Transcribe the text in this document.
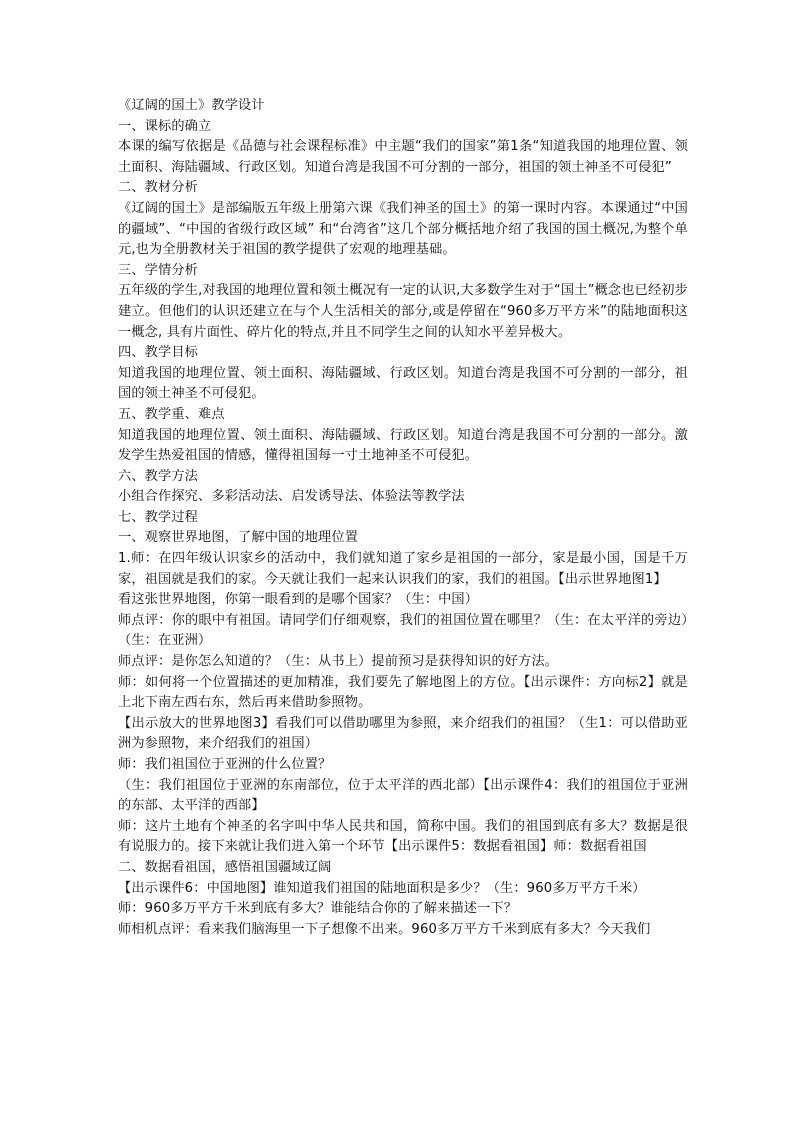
《辽阔的国土》教学设计

一、课标的确立

本课的编写依据是《品德与社会课程标准》中主题“我们的国家”第1条“知道我国的地理位置、领土面积、海陆疆域、行政区划。知道台湾是我国不可分割的一部分，祖国的领土神圣不可侵犯”

二、教材分析

《辽阔的国土》是部编版五年级上册第六课《我们神圣的国土》的第一课时内容。本课通过“中国的疆域”、“中国的省级行政区域” 和“台湾省”这几个部分概括地介绍了我国的国土概况,为整个单元,也为全册教材关于祖国的教学提供了宏观的地理基础。

三、学情分析

五年级的学生,对我国的地理位置和领土概况有一定的认识,大多数学生对于“国土”概念也已经初步建立。但他们的认识还建立在与个人生活相关的部分,或是停留在“960多万平方米”的陆地面积这一概念, 具有片面性、碎片化的特点,并且不同学生之间的认知水平差异极大。

四、教学目标

知道我国的地理位置、领土面积、海陆疆域、行政区划。知道台湾是我国不可分割的一部分，祖国的领土神圣不可侵犯。

五、教学重、难点

知道我国的地理位置、领土面积、海陆疆域、行政区划。知道台湾是我国不可分割的一部分。激发学生热爱祖国的情感，懂得祖国每一寸土地神圣不可侵犯。

六、教学方法

小组合作探究、多彩活动法、启发诱导法、体验法等教学法

七、教学过程

一、观察世界地图，了解中国的地理位置

1.师：在四年级认识家乡的活动中，我们就知道了家乡是祖国的一部分，家是最小国，国是千万家，祖国就是我们的家。今天就让我们一起来认识我们的家，我们的祖国。【出示世界地图1】

看这张世界地图，你第一眼看到的是哪个国家？（生：中国）

师点评：你的眼中有祖国。请同学们仔细观察，我们的祖国位置在哪里？（生：在太平洋的旁边）（生：在亚洲）

师点评：是你怎么知道的？（生：从书上）提前预习是获得知识的好方法。

师：如何将一个位置描述的更加精准，我们要先了解地图上的方位。【出示课件：方向标2】就是上北下南左西右东，然后再来借助参照物。

【出示放大的世界地图3】看我们可以借助哪里为参照，来介绍我们的祖国？（生1：可以借助亚洲为参照物，来介绍我们的祖国）

师：我们祖国位于亚洲的什么位置？

（生：我们祖国位于亚洲的东南部位，位于太平洋的西北部）【出示课件4：我们的祖国位于亚洲的东部、太平洋的西部】

师：这片土地有个神圣的名字叫中华人民共和国，简称中国。我们的祖国到底有多大？数据是很有说服力的。接下来就让我们进入第一个环节【出示课件5：数据看祖国】师：数据看祖国

二、数据看祖国，感悟祖国疆域辽阔

【出示课件6：中国地图】谁知道我们祖国的陆地面积是多少？（生：960多万平方千米）

师：960多万平方千米到底有多大？谁能结合你的了解来描述一下？

师相机点评：看来我们脑海里一下子想像不出来。960多万平方千米到底有多大？今天我们
